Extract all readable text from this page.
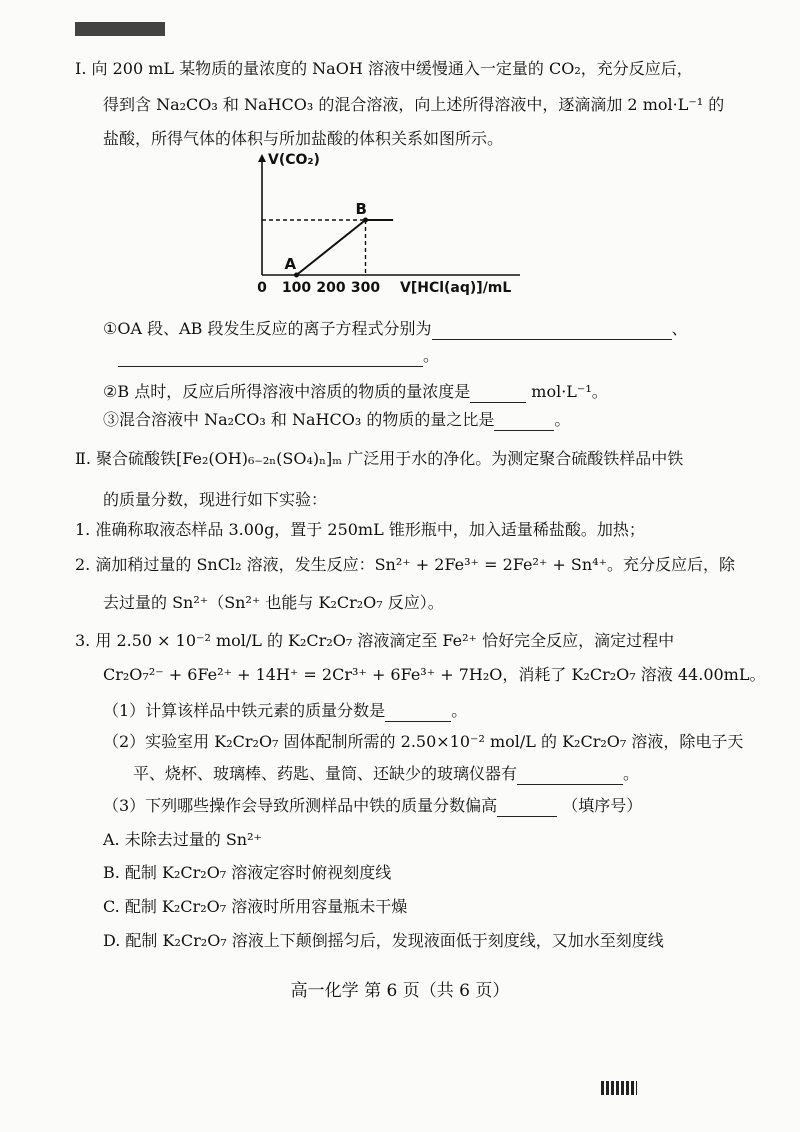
Ⅰ. 向 200 mL 某物质的量浓度的 NaOH 溶液中缓慢通入一定量的 CO₂，充分反应后，
得到含 Na₂CO₃ 和 NaHCO₃ 的混合溶液，向上述所得溶液中，逐滴滴加 2 mol·L⁻¹ 的
盐酸，所得气体的体积与所加盐酸的体积关系如图所示。
V(CO₂)
V[HCl(aq)]/mL
0 100 200 300
A
B
①OA 段、AB 段发生反应的离子方程式分别为	、
。
②B 点时，反应后所得溶液中溶质的物质的量浓度是	mol·L⁻¹。
③混合溶液中 Na₂CO₃ 和 NaHCO₃ 的物质的量之比是	。
Ⅱ. 聚合硫酸铁[Fe₂(OH)₆₋₂ₙ(SO₄)ₙ]ₘ 广泛用于水的净化。为测定聚合硫酸铁样品中铁
的质量分数，现进行如下实验：
1. 准确称取液态样品 3.00g，置于 250mL 锥形瓶中，加入适量稀盐酸。加热；
2. 滴加稍过量的 SnCl₂ 溶液，发生反应：Sn²⁺ + 2Fe³⁺ = 2Fe²⁺ + Sn⁴⁺。充分反应后，除
去过量的 Sn²⁺（Sn²⁺ 也能与 K₂Cr₂O₇ 反应）。
3. 用 2.50 × 10⁻² mol/L 的 K₂Cr₂O₇ 溶液滴定至 Fe²⁺ 恰好完全反应，滴定过程中
Cr₂O₇²⁻ + 6Fe²⁺ + 14H⁺ = 2Cr³⁺ + 6Fe³⁺ + 7H₂O，消耗了 K₂Cr₂O₇ 溶液 44.00mL。
（1）计算该样品中铁元素的质量分数是	。
（2）实验室用 K₂Cr₂O₇ 固体配制所需的 2.50×10⁻² mol/L 的 K₂Cr₂O₇ 溶液，除电子天
平、烧杯、玻璃棒、药匙、量筒、还缺少的玻璃仪器有	。
（3）下列哪些操作会导致所测样品中铁的质量分数偏高	（填序号）
A. 未除去过量的 Sn²⁺
B. 配制 K₂Cr₂O₇ 溶液定容时俯视刻度线
C. 配制 K₂Cr₂O₇ 溶液时所用容量瓶未干燥
D. 配制 K₂Cr₂O₇ 溶液上下颠倒摇匀后，发现液面低于刻度线，又加水至刻度线
高一化学 第 6 页（共 6 页）
